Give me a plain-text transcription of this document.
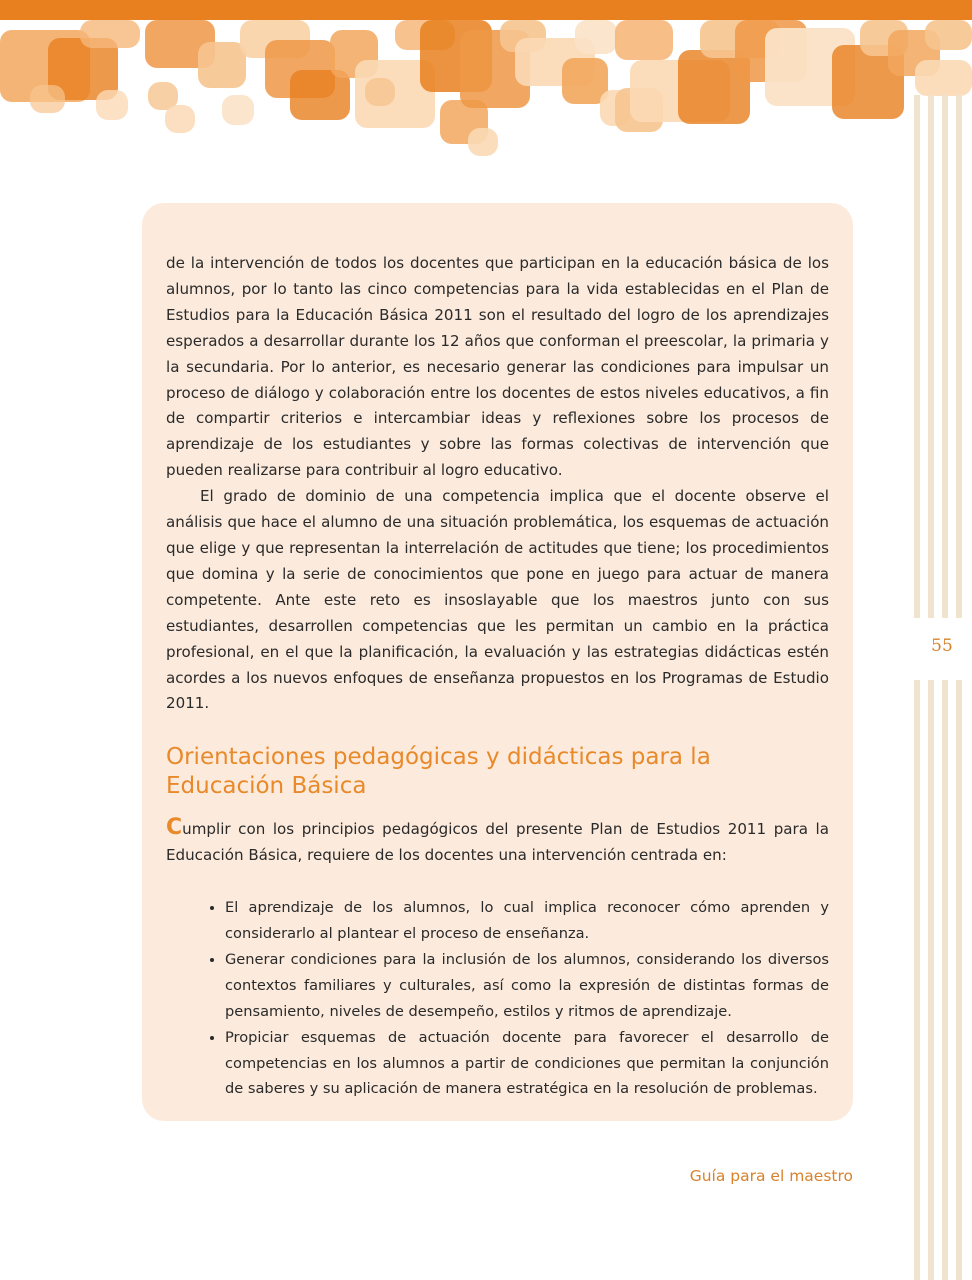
55

de la intervención de todos los docentes que participan en la educación básica de los alumnos, por lo tanto las cinco competencias para la vida establecidas en el Plan de Estudios para la Educación Básica 2011 son el resultado del logro de los aprendizajes esperados a desarrollar durante los 12 años que conforman el preescolar, la primaria y la secundaria. Por lo anterior, es necesario generar las condiciones para impulsar un proceso de diálogo y colaboración entre los docentes de estos niveles educativos, a fin de compartir criterios e intercambiar ideas y reflexiones sobre los procesos de aprendizaje de los estudiantes y sobre las formas colectivas de intervención que pueden realizarse para contribuir al logro educativo.

El grado de dominio de una competencia implica que el docente observe el análisis que hace el alumno de una situación problemática, los esquemas de actuación que elige y que representan la interrelación de actitudes que tiene; los procedimientos que domina y la serie de conocimientos que pone en juego para actuar de manera competente. Ante este reto es insoslayable que los maestros junto con sus estudiantes, desarrollen competencias que les permitan un cambio en la práctica profesional, en el que la planificación, la evaluación y las estrategias didácticas estén acordes a los nuevos enfoques de enseñanza propuestos en los Programas de Estudio 2011.

Orientaciones pedagógicas y didácticas para la Educación Básica

Cumplir con los principios pedagógicos del presente Plan de Estudios 2011 para la Educación Básica, requiere de los docentes una intervención centrada en:

• El aprendizaje de los alumnos, lo cual implica reconocer cómo aprenden y considerarlo al plantear el proceso de enseñanza.
• Generar condiciones para la inclusión de los alumnos, considerando los diversos contextos familiares y culturales, así como la expresión de distintas formas de pensamiento, niveles de desempeño, estilos y ritmos de aprendizaje.
• Propiciar esquemas de actuación docente para favorecer el desarrollo de competencias en los alumnos a partir de condiciones que permitan la conjunción de saberes y su aplicación de manera estratégica en la resolución de problemas.
Guía para el maestro
